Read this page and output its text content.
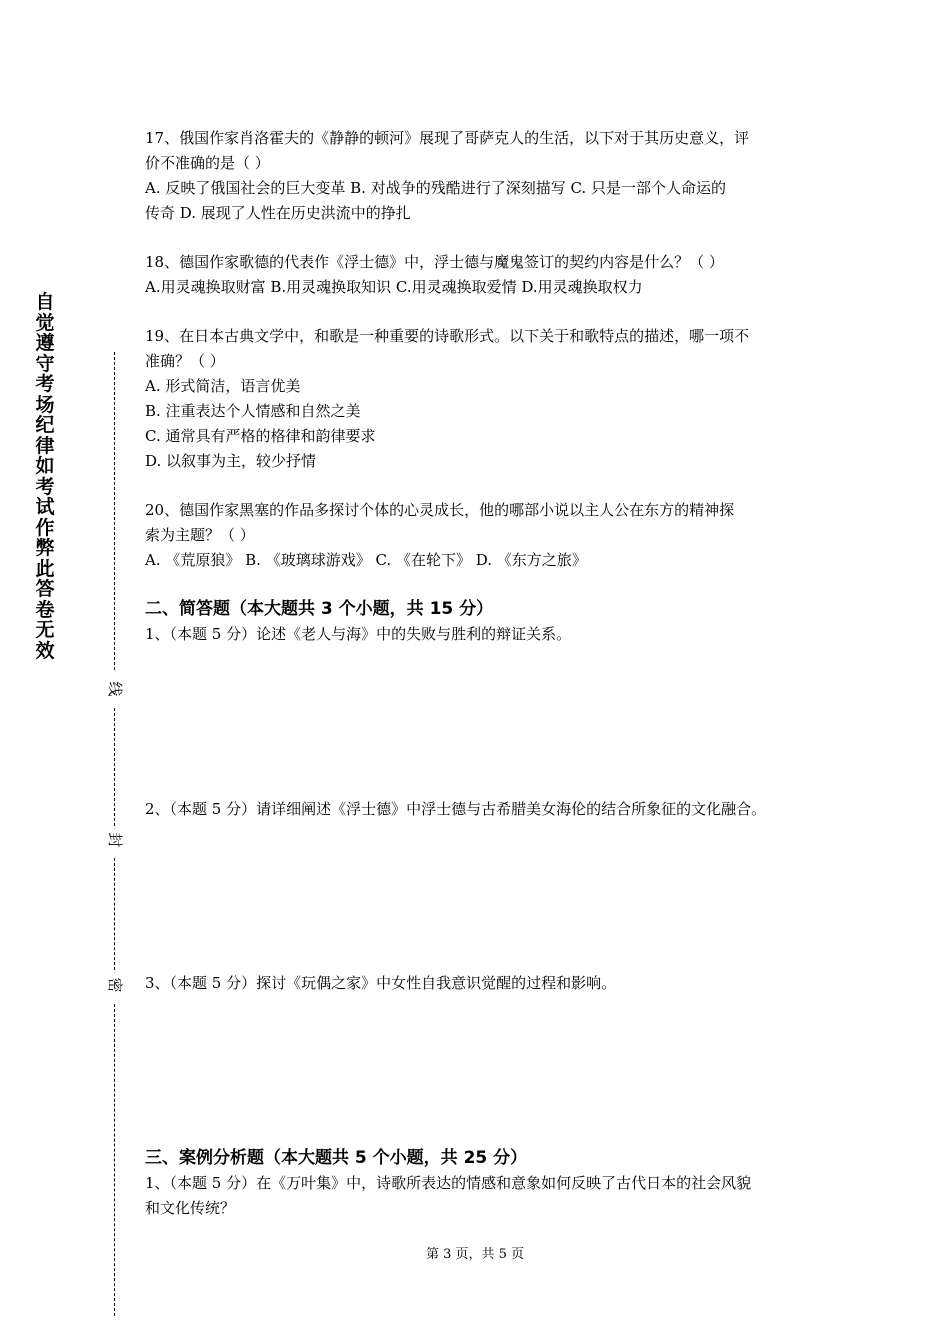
自觉遵守考场纪律如考试作弊此答卷无效
线
封
密
17、俄国作家肖洛霍夫的《静静的顿河》展现了哥萨克人的生活，以下对于其历史意义，评
价不准确的是（ ）
A. 反映了俄国社会的巨大变革 B. 对战争的残酷进行了深刻描写 C. 只是一部个人命运的
传奇 D. 展现了人性在历史洪流中的挣扎
18、德国作家歌德的代表作《浮士德》中，浮士德与魔鬼签订的契约内容是什么？（ ）
A.用灵魂换取财富 B.用灵魂换取知识 C.用灵魂换取爱情 D.用灵魂换取权力
19、在日本古典文学中，和歌是一种重要的诗歌形式。以下关于和歌特点的描述，哪一项不
准确？（ ）
A. 形式简洁，语言优美
B. 注重表达个人情感和自然之美
C. 通常具有严格的格律和韵律要求
D. 以叙事为主，较少抒情
20、德国作家黑塞的作品多探讨个体的心灵成长，他的哪部小说以主人公在东方的精神探
索为主题？（ ）
A. 《荒原狼》 B. 《玻璃球游戏》 C. 《在轮下》 D. 《东方之旅》
二、简答题（本大题共 3 个小题，共 15 分）
1、（本题 5 分）论述《老人与海》中的失败与胜利的辩证关系。
2、（本题 5 分）请详细阐述《浮士德》中浮士德与古希腊美女海伦的结合所象征的文化融合。
3、（本题 5 分）探讨《玩偶之家》中女性自我意识觉醒的过程和影响。
三、案例分析题（本大题共 5 个小题，共 25 分）
1、（本题 5 分）在《万叶集》中，诗歌所表达的情感和意象如何反映了古代日本的社会风貌
和文化传统？
第 3 页，共 5 页
